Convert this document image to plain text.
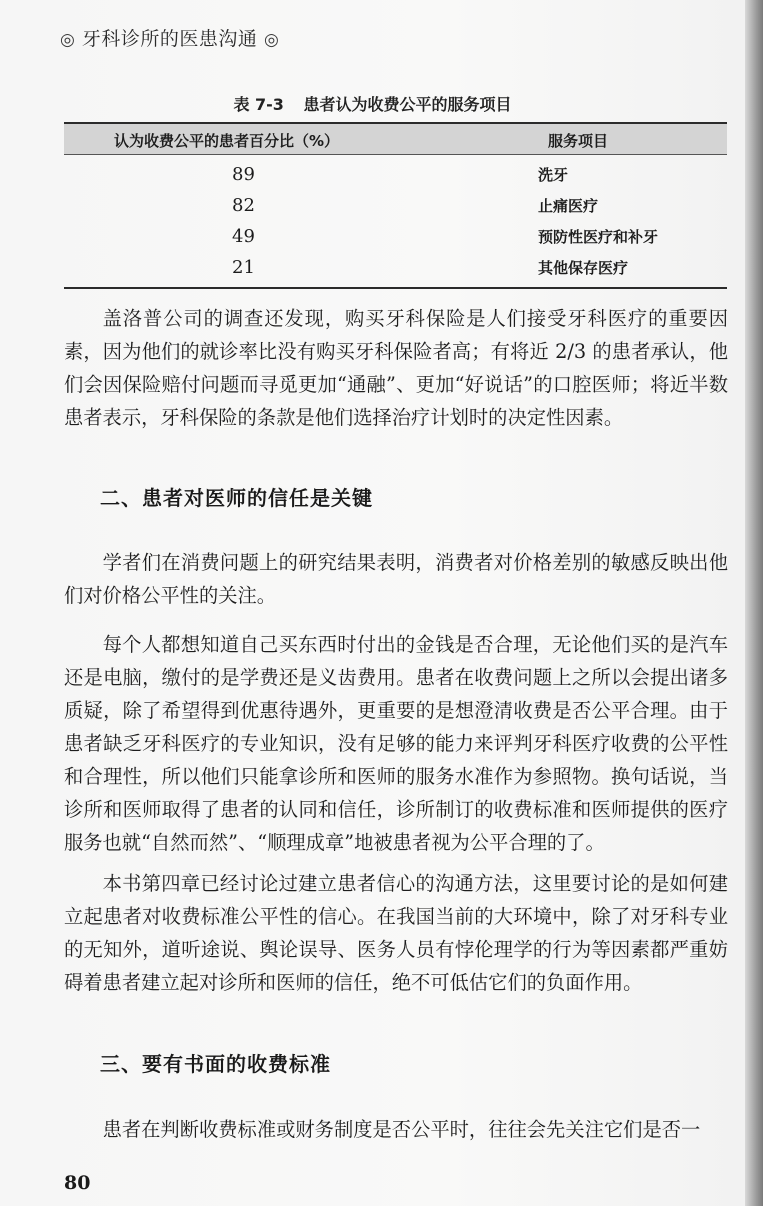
◎ 牙科诊所的医患沟通 ◎
表 7-3 患者认为收费公平的服务项目
认为收费公平的患者百分比（%）	服务项目
89	洗牙
82	止痛医疗
49	预防性医疗和补牙
21	其他保存医疗

盖洛普公司的调查还发现，购买牙科保险是人们接受牙科医疗的重要因素，因为他们的就诊率比没有购买牙科保险者高；有将近 2/3 的患者承认，他们会因保险赔付问题而寻觅更加“通融”、更加“好说话”的口腔医师；将近半数患者表示，牙科保险的条款是他们选择治疗计划时的决定性因素。

二、患者对医师的信任是关键

学者们在消费问题上的研究结果表明，消费者对价格差别的敏感反映出他们对价格公平性的关注。

每个人都想知道自己买东西时付出的金钱是否合理，无论他们买的是汽车还是电脑，缴付的是学费还是义齿费用。患者在收费问题上之所以会提出诸多质疑，除了希望得到优惠待遇外，更重要的是想澄清收费是否公平合理。由于患者缺乏牙科医疗的专业知识，没有足够的能力来评判牙科医疗收费的公平性和合理性，所以他们只能拿诊所和医师的服务水准作为参照物。换句话说，当诊所和医师取得了患者的认同和信任，诊所制订的收费标准和医师提供的医疗服务也就“自然而然”、“顺理成章”地被患者视为公平合理的了。

本书第四章已经讨论过建立患者信心的沟通方法，这里要讨论的是如何建立起患者对收费标准公平性的信心。在我国当前的大环境中，除了对牙科专业的无知外，道听途说、舆论误导、医务人员有悖伦理学的行为等因素都严重妨碍着患者建立起对诊所和医师的信任，绝不可低估它们的负面作用。

三、要有书面的收费标准

患者在判断收费标准或财务制度是否公平时，往往会先关注它们是否一

80
